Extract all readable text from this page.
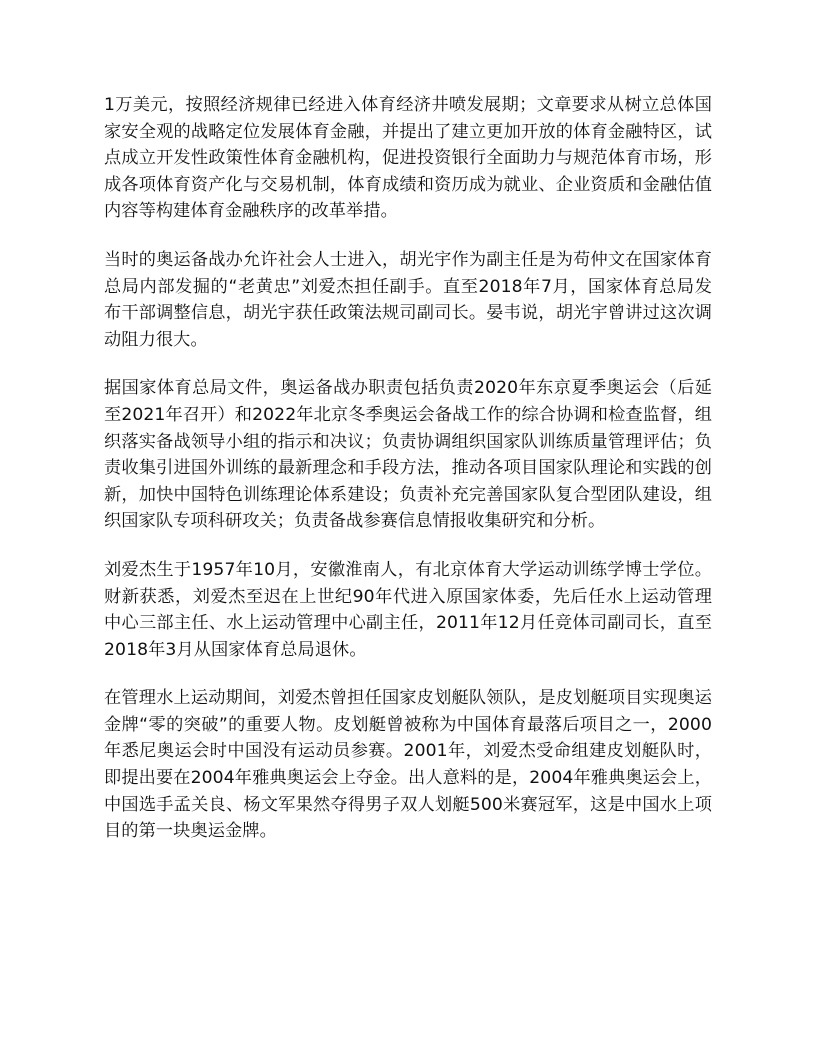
1万美元，按照经济规律已经进入体育经济井喷发展期；文章要求从树立总体国家安全观的战略定位发展体育金融，并提出了建立更加开放的体育金融特区，试点成立开发性政策性体育金融机构，促进投资银行全面助力与规范体育市场，形成各项体育资产化与交易机制，体育成绩和资历成为就业、企业资质和金融估值内容等构建体育金融秩序的改革举措。

当时的奥运备战办允许社会人士进入，胡光宇作为副主任是为苟仲文在国家体育总局内部发掘的“老黄忠”刘爱杰担任副手。直至2018年7月，国家体育总局发布干部调整信息，胡光宇获任政策法规司副司长。晏韦说，胡光宇曾讲过这次调动阻力很大。

据国家体育总局文件，奥运备战办职责包括负责2020年东京夏季奥运会（后延至2021年召开）和2022年北京冬季奥运会备战工作的综合协调和检查监督，组织落实备战领导小组的指示和决议；负责协调组织国家队训练质量管理评估；负责收集引进国外训练的最新理念和手段方法，推动各项目国家队理论和实践的创新，加快中国特色训练理论体系建设；负责补充完善国家队复合型团队建设，组织国家队专项科研攻关；负责备战参赛信息情报收集研究和分析。

刘爱杰生于1957年10月，安徽淮南人，有北京体育大学运动训练学博士学位。财新获悉，刘爱杰至迟在上世纪90年代进入原国家体委，先后任水上运动管理中心三部主任、水上运动管理中心副主任，2011年12月任竞体司副司长，直至2018年3月从国家体育总局退休。

在管理水上运动期间，刘爱杰曾担任国家皮划艇队领队，是皮划艇项目实现奥运金牌“零的突破”的重要人物。皮划艇曾被称为中国体育最落后项目之一，2000年悉尼奥运会时中国没有运动员参赛。2001年，刘爱杰受命组建皮划艇队时，即提出要在2004年雅典奥运会上夺金。出人意料的是，2004年雅典奥运会上，中国选手孟关良、杨文军果然夺得男子双人划艇500米赛冠军，这是中国水上项目的第一块奥运金牌。
